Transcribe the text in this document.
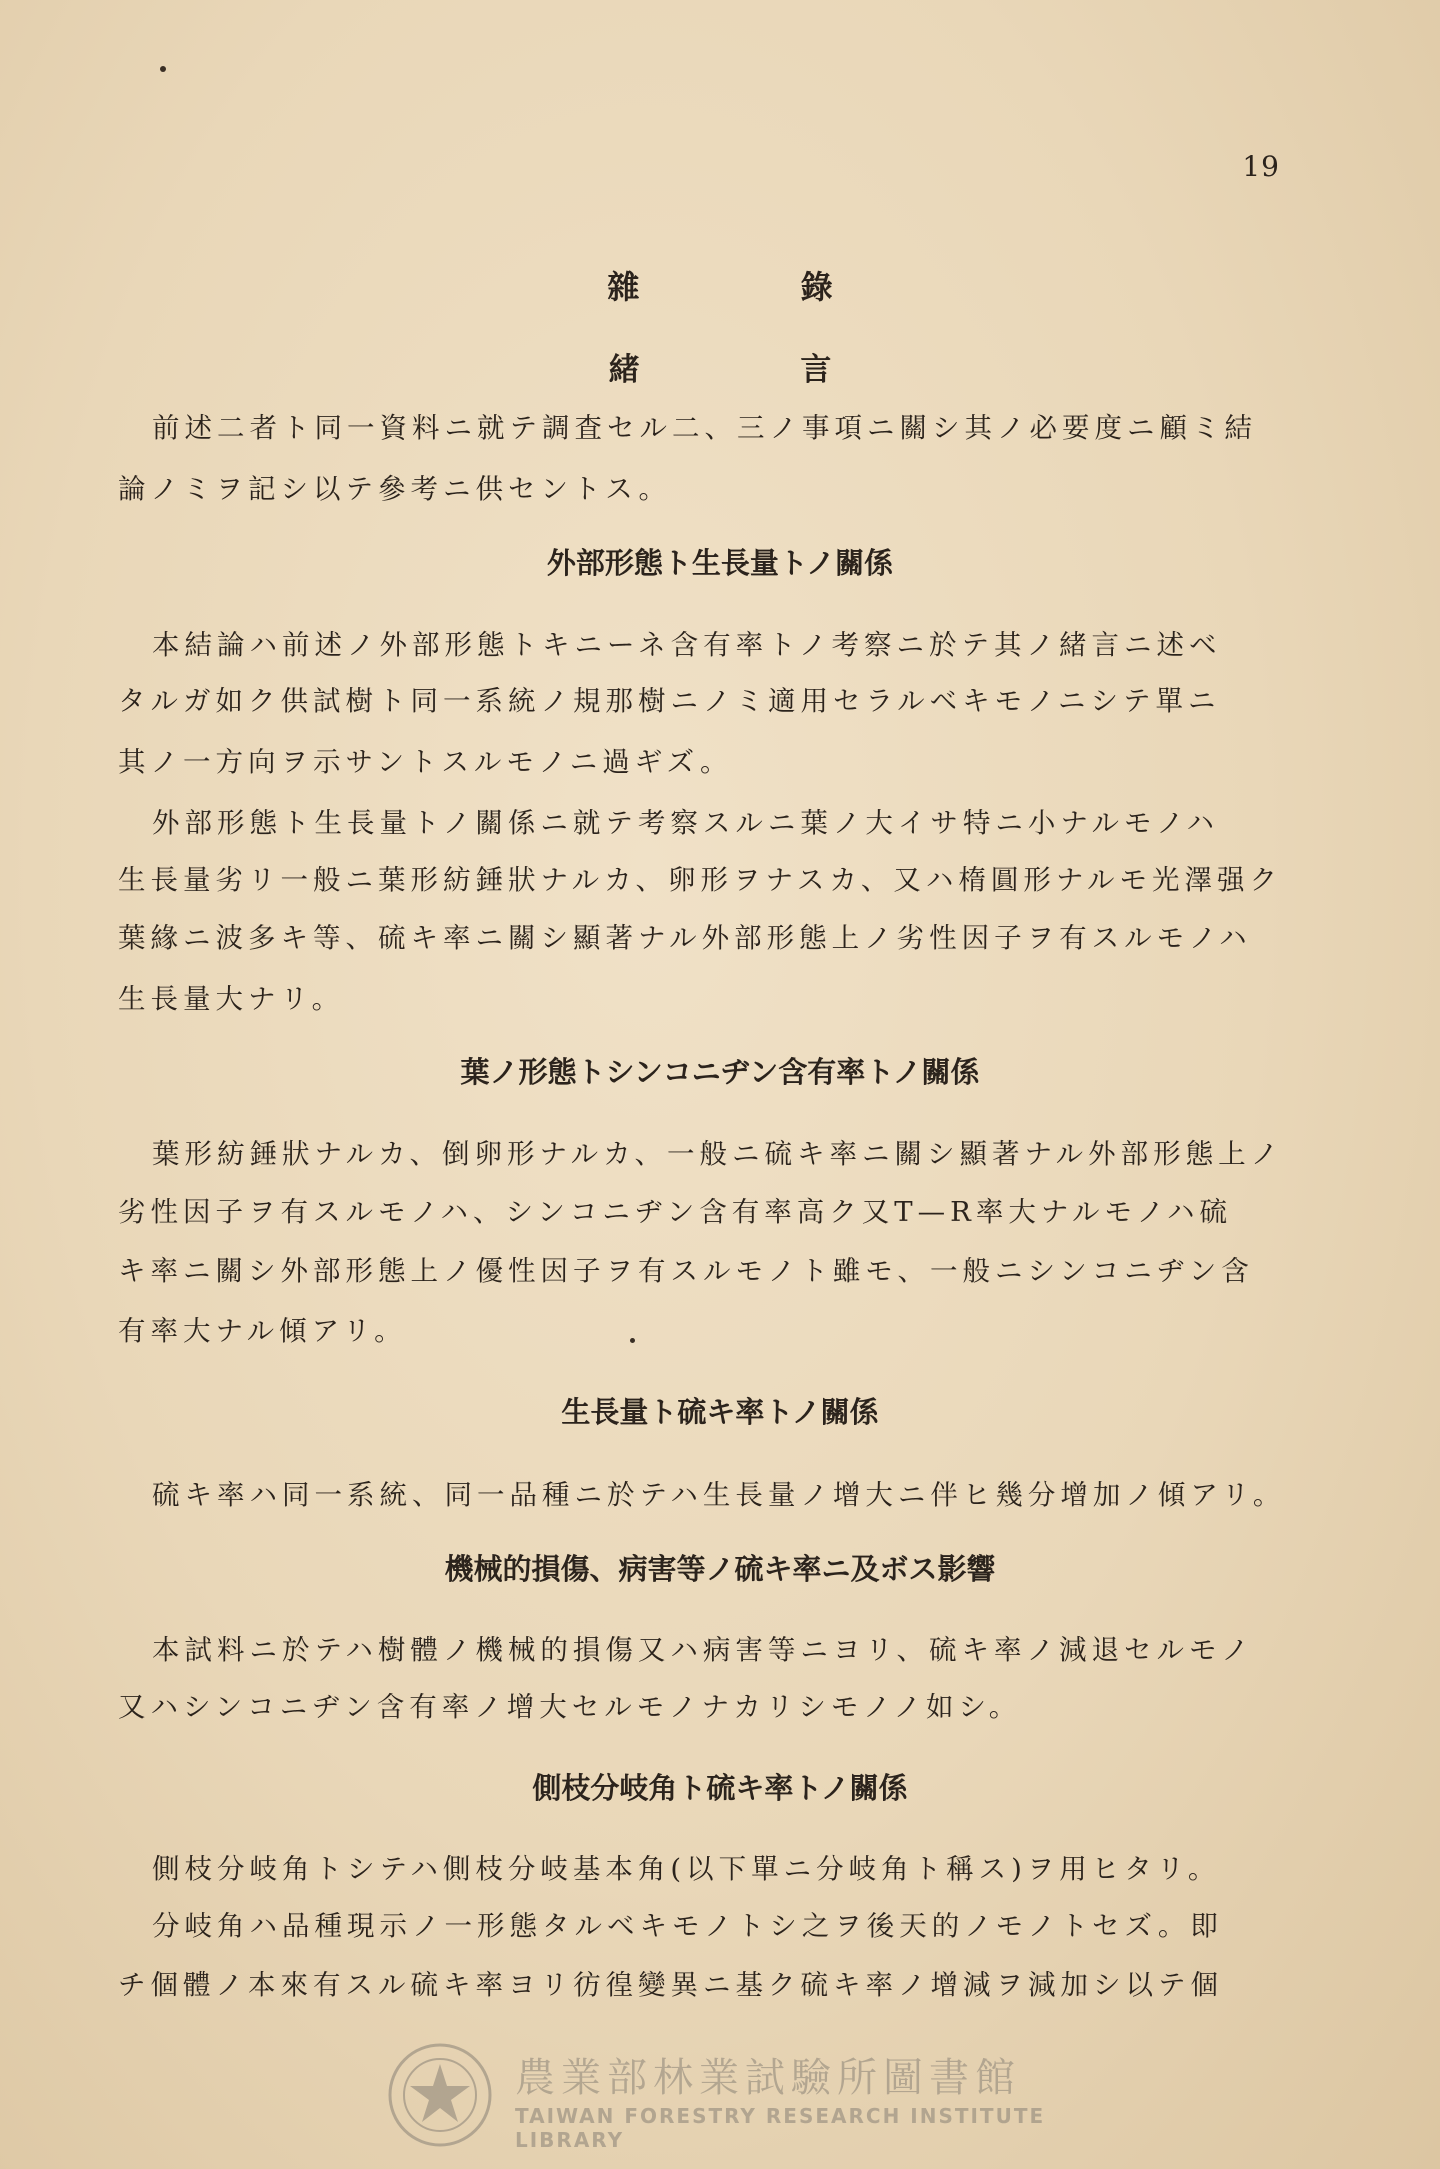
19
雜 錄
緒 言
前述二者ト同一資料ニ就テ調査セル二、三ノ事項ニ關シ其ノ必要度ニ顧ミ結
論ノミヲ記シ以テ參考ニ供セントス。
外部形態ト生長量トノ關係
本結論ハ前述ノ外部形態トキニーネ含有率トノ考察ニ於テ其ノ緒言ニ述ベ
タルガ如ク供試樹ト同一系統ノ規那樹ニノミ適用セラルベキモノニシテ單ニ
其ノ一方向ヲ示サントスルモノニ過ギズ。
外部形態ト生長量トノ關係ニ就テ考察スルニ葉ノ大イサ特ニ小ナルモノハ
生長量劣リ一般ニ葉形紡錘狀ナルカ、卵形ヲナスカ、又ハ楕圓形ナルモ光澤强ク
葉緣ニ波多キ等、硫キ率ニ關シ顯著ナル外部形態上ノ劣性因子ヲ有スルモノハ
生長量大ナリ。
葉ノ形態トシンコニヂン含有率トノ關係
葉形紡錘狀ナルカ、倒卵形ナルカ、一般ニ硫キ率ニ關シ顯著ナル外部形態上ノ
劣性因子ヲ有スルモノハ、シンコニヂン含有率高ク又T—R率大ナルモノハ硫
キ率ニ關シ外部形態上ノ優性因子ヲ有スルモノト雖モ、一般ニシンコニヂン含
有率大ナル傾アリ。
生長量ト硫キ率トノ關係
硫キ率ハ同一系統、同一品種ニ於テハ生長量ノ增大ニ伴ヒ幾分增加ノ傾アリ。
機械的損傷、病害等ノ硫キ率ニ及ボス影響
本試料ニ於テハ樹體ノ機械的損傷又ハ病害等ニヨリ、硫キ率ノ減退セルモノ
又ハシンコニヂン含有率ノ增大セルモノナカリシモノノ如シ。
側枝分岐角ト硫キ率トノ關係
側枝分岐角トシテハ側枝分岐基本角(以下單ニ分岐角ト稱ス)ヲ用ヒタリ。
分岐角ハ品種現示ノ一形態タルベキモノトシ之ヲ後天的ノモノトセズ。即
チ個體ノ本來有スル硫キ率ヨリ彷徨變異ニ基ク硫キ率ノ增減ヲ減加シ以テ個
農業部林業試驗所圖書館
TAIWAN FORESTRY RESEARCH INSTITUTE LIBRARY
